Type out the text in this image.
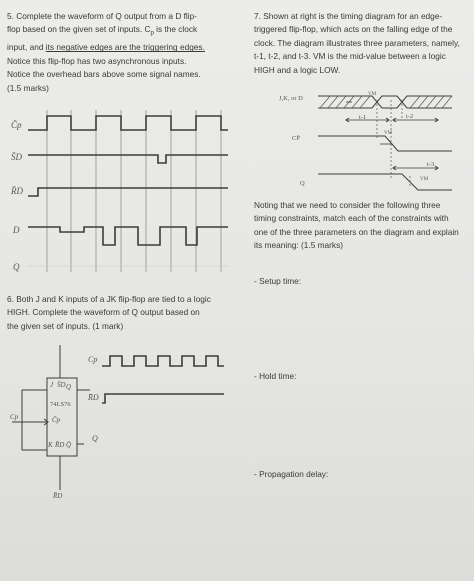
5. Complete the waveform of Q output from a D flip-
flop based on the given set of inputs. $C_p$ is the clock
input, and its negative edges are the triggering edges.
Notice this flip-flop has two asynchronous inputs.
Notice the overhead bars above some signal names.
(1.5 marks)
C̄p
S̄D
R̄D
D
Q
6. Both J and K inputs of a JK flip-flop are tied to a logic
HIGH. Complete the waveform of Q output based on
the given set of inputs. (1 mark)
J S̄D
74LS76
C̄p
K R̄D Q̄
Q
Cp
R̄D
Cp
R̄D
Q
7. Shown at right is the timing diagram for an edge-
triggered flip-flop, which acts on the falling edge of the
clock. The diagram illustrates three parameters, namely,
t-1, t-2, and t-3. VM is the mid-value between a logic
HIGH and a logic LOW.
J,K, or D
CP̄
Q
VM
VM
VM
t-1	t-2
t-3
Noting that we need to consider the following three
timing constraints, match each of the constraints with
one of the three parameters on the diagram and explain
its meaning: (1.5 marks)
- Setup time:
- Hold time:
- Propagation delay:
